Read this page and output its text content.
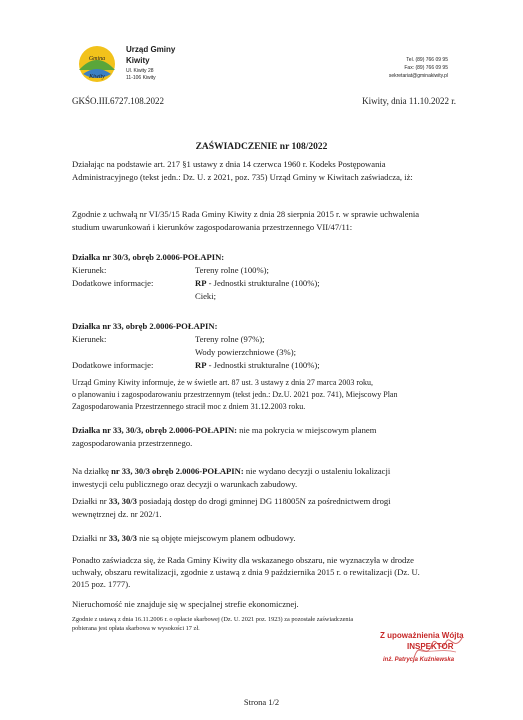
Gmina
Kiwity
Urząd Gminy
Kiwity
Ul. Kiwity 28
11-106 Kiwity
Tel. (89) 766 09 95
Fax: (89) 766 09 95
sekretariat@gminakiwity.pl
GKŚO.III.6727.108.2022	Kiwity, dnia 11.10.2022 r.
ZAŚWIADCZENIE nr 108/2022
Działając na podstawie art. 217 §1 ustawy z dnia 14 czerwca 1960 r. Kodeks Postępowania
Administracyjnego (tekst jedn.: Dz. U. z 2021, poz. 735) Urząd Gminy w Kiwitach zaświadcza, iż:
Zgodnie z uchwałą nr VI/35/15 Rada Gminy Kiwity z dnia 28 sierpnia 2015 r. w sprawie uchwalenia
studium uwarunkowań i kierunków zagospodarowania przestrzennego VII/47/11:
Działka nr 30/3, obręb 2.0006-POŁAPIN:
Kierunek:	Tereny rolne (100%);
Dodatkowe informacje:	RP - Jednostki strukturalne (100%);
Cieki;
Działka nr 33, obręb 2.0006-POŁAPIN:
Kierunek:	Tereny rolne (97%);
Wody powierzchniowe (3%);
Dodatkowe informacje:	RP - Jednostki strukturalne (100%);
Urząd Gminy Kiwity informuje, że w świetle art. 87 ust. 3 ustawy z dnia 27 marca 2003 roku,
o planowaniu i zagospodarowaniu przestrzennym (tekst jedn.: Dz.U. 2021 poz. 741), Miejscowy Plan
Zagospodarowania Przestrzennego stracił moc z dniem 31.12.2003 roku.
Działka nr 33, 30/3, obręb 2.0006-POŁAPIN: nie ma pokrycia w miejscowym planem
zagospodarowania przestrzennego.
Na działkę nr 33, 30/3 obręb 2.0006-POŁAPIN: nie wydano decyzji o ustaleniu lokalizacji
inwestycji celu publicznego oraz decyzji o warunkach zabudowy.
Działki nr 33, 30/3 posiadają dostęp do drogi gminnej DG 118005N za pośrednictwem drogi
wewnętrznej dz. nr 202/1.
Działki nr 33, 30/3 nie są objęte miejscowym planem odbudowy.
Ponadto zaświadcza się, że Rada Gminy Kiwity dla wskazanego obszaru, nie wyznaczyła w drodze
uchwały, obszaru rewitalizacji, zgodnie z ustawą z dnia 9 października 2015 r. o rewitalizacji (Dz. U.
2015 poz. 1777).
Nieruchomość nie znajduje się w specjalnej strefie ekonomicznej.
Zgodnie z ustawą z dnia 16.11.2006 r. o opłacie skarbowej (Dz. U. 2021 poz. 1923) za pozostałe zaświadczenia
pobierana jest opłata skarbowa w wysokości 17 zł.
Z upoważnienia Wójta
INSPEKTOR
inż. Patrycja Kuźniewska
Strona 1/2
